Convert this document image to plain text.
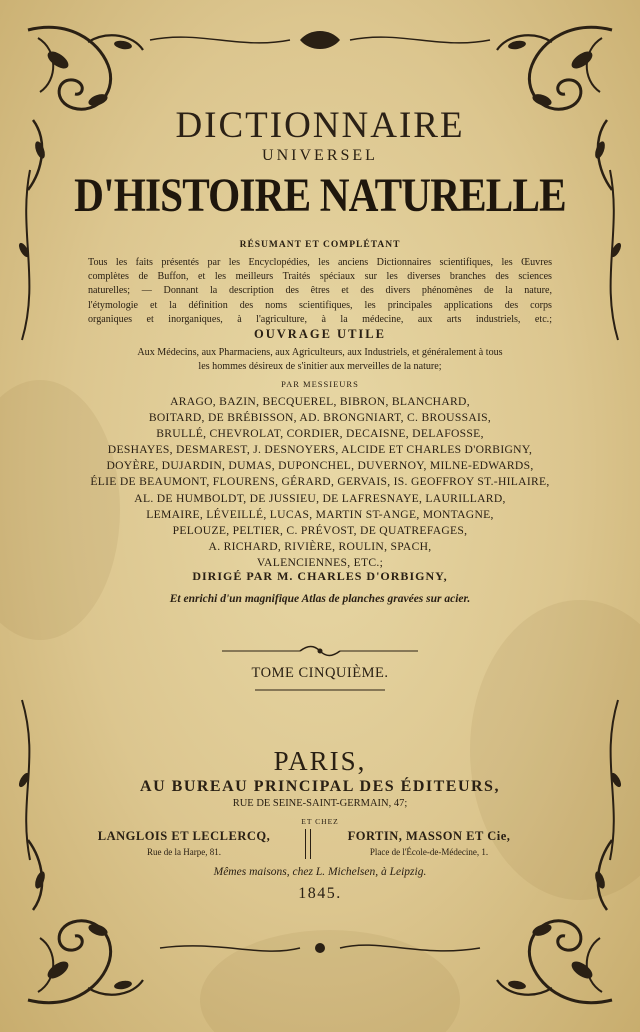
DICTIONNAIRE
UNIVERSEL
D'HISTOIRE NATURELLE
RÉSUMANT ET COMPLÉTANT
Tous les faits présentés par les Encyclopédies, les anciens Dictionnaires scientifiques, les Œuvres
complètes de Buffon, et les meilleurs Traités spéciaux sur les diverses branches des sciences
naturelles; — Donnant la description des êtres et des divers phénomènes de la nature,
l'étymologie et la définition des noms scientifiques, les principales applications des corps
organiques et inorganiques, à l'agriculture, à la médecine, aux arts industriels, etc.;
OUVRAGE UTILE
Aux Médecins, aux Pharmaciens, aux Agriculteurs, aux Industriels, et généralement à tous
les hommes désireux de s'initier aux merveilles de la nature;
PAR MESSIEURS
ARAGO, BAZIN, BECQUEREL, BIBRON, BLANCHARD,
BOITARD, DE BRÉBISSON, AD. BRONGNIART, C. BROUSSAIS,
BRULLÉ, CHEVROLAT, CORDIER, DECAISNE, DELAFOSSE,
DESHAYES, DESMAREST, J. DESNOYERS, ALCIDE ET CHARLES D'ORBIGNY,
DOYÈRE, DUJARDIN, DUMAS, DUPONCHEL, DUVERNOY, MILNE-EDWARDS,
ÉLIE DE BEAUMONT, FLOURENS, GÉRARD, GERVAIS, IS. GEOFFROY ST.-HILAIRE,
AL. DE HUMBOLDT, DE JUSSIEU, DE LAFRESNAYE, LAURILLARD,
LEMAIRE, LÉVEILLÉ, LUCAS, MARTIN ST-ANGE, MONTAGNE,
PELOUZE, PELTIER, C. PRÉVOST, DE QUATREFAGES,
A. RICHARD, RIVIÈRE, ROULIN, SPACH,
VALENCIENNES, ETC.;
DIRIGÉ PAR M. CHARLES D'ORBIGNY,
Et enrichi d'un magnifique Atlas de planches gravées sur acier.
TOME CINQUIÈME.
PARIS,
AU BUREAU PRINCIPAL DES ÉDITEURS,
RUE DE SEINE-SAINT-GERMAIN, 47;
ET CHEZ
LANGLOIS ET LECLERCQ,
Rue de la Harpe, 81.
FORTIN, MASSON ET Cie,
Place de l'École-de-Médecine, 1.
Mêmes maisons, chez L. Michelsen, à Leipzig.
1845.
